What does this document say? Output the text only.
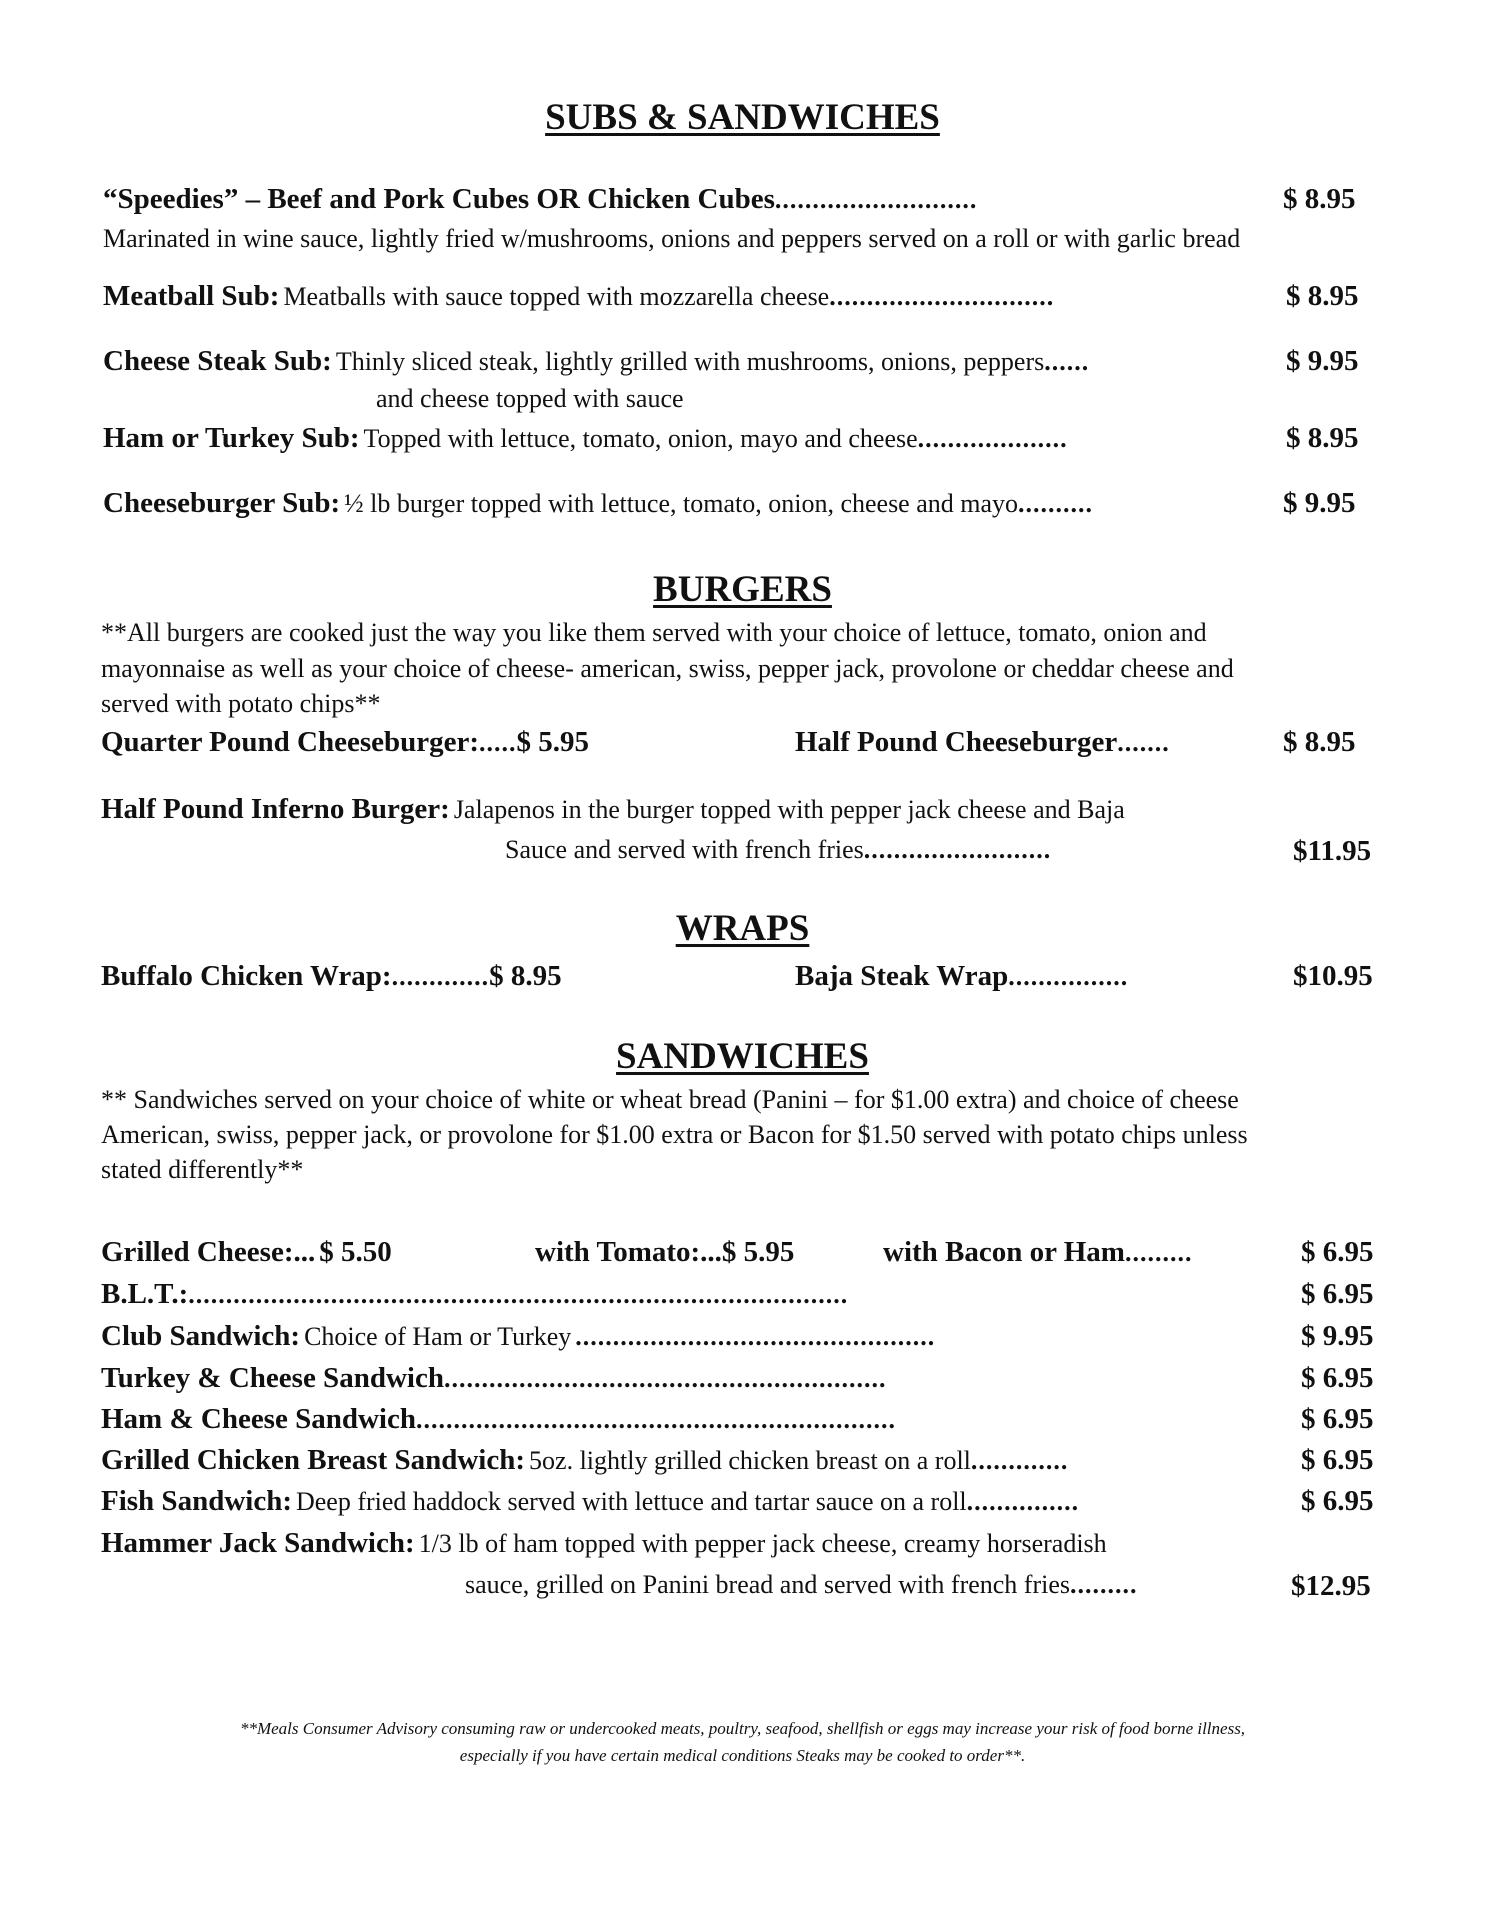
SUBS & SANDWICHES
“Speedies” – Beef and Pork Cubes OR Chicken Cubes...........................	$ 8.95
Marinated in wine sauce, lightly fried w/mushrooms, onions and peppers served on a roll or with garlic bread
Meatball Sub: Meatballs with sauce topped with mozzarella cheese..............................	$ 8.95
Cheese Steak Sub: Thinly sliced steak, lightly grilled with mushrooms, onions, peppers......	$ 9.95
and cheese topped with sauce
Ham or Turkey Sub: Topped with lettuce, tomato, onion, mayo and cheese....................	$ 8.95
Cheeseburger Sub: ½ lb burger topped with lettuce, tomato, onion, cheese and mayo..........	$ 9.95
BURGERS
**All burgers are cooked just the way you like them served with your choice of lettuce, tomato, onion and
mayonnaise as well as your choice of cheese- american, swiss, pepper jack, provolone or cheddar cheese and
served with potato chips**
Quarter Pound Cheeseburger:.....$ 5.95	Half Pound Cheeseburger.......	$ 8.95
Half Pound Inferno Burger: Jalapenos in the burger topped with pepper jack cheese and Baja
Sauce and served with french fries.........................	$11.95
WRAPS
Buffalo Chicken Wrap:.............$ 8.95	Baja Steak Wrap................	$10.95
SANDWICHES
** Sandwiches served on your choice of white or wheat bread (Panini – for $1.00 extra) and choice of cheese
American, swiss, pepper jack, or provolone for $1.00 extra or Bacon for $1.50 served with potato chips unless
stated differently**
Grilled Cheese:... $ 5.50	with Tomato:...$ 5.95	with Bacon or Ham.........	$ 6.95
B.L.T.:........................................................................................	$ 6.95
Club Sandwich: Choice of Ham or Turkey ................................................	$ 9.95
Turkey & Cheese Sandwich...........................................................	$ 6.95
Ham & Cheese Sandwich................................................................	$ 6.95
Grilled Chicken Breast Sandwich: 5oz. lightly grilled chicken breast on a roll.............	$ 6.95
Fish Sandwich: Deep fried haddock served with lettuce and tartar sauce on a roll...............	$ 6.95
Hammer Jack Sandwich: 1/3 lb of ham topped with pepper jack cheese, creamy horseradish
sauce, grilled on Panini bread and served with french fries.........	$12.95
**Meals Consumer Advisory consuming raw or undercooked meats, poultry, seafood, shellfish or eggs may increase your risk of food borne illness,
especially if you have certain medical conditions Steaks may be cooked to order**.
